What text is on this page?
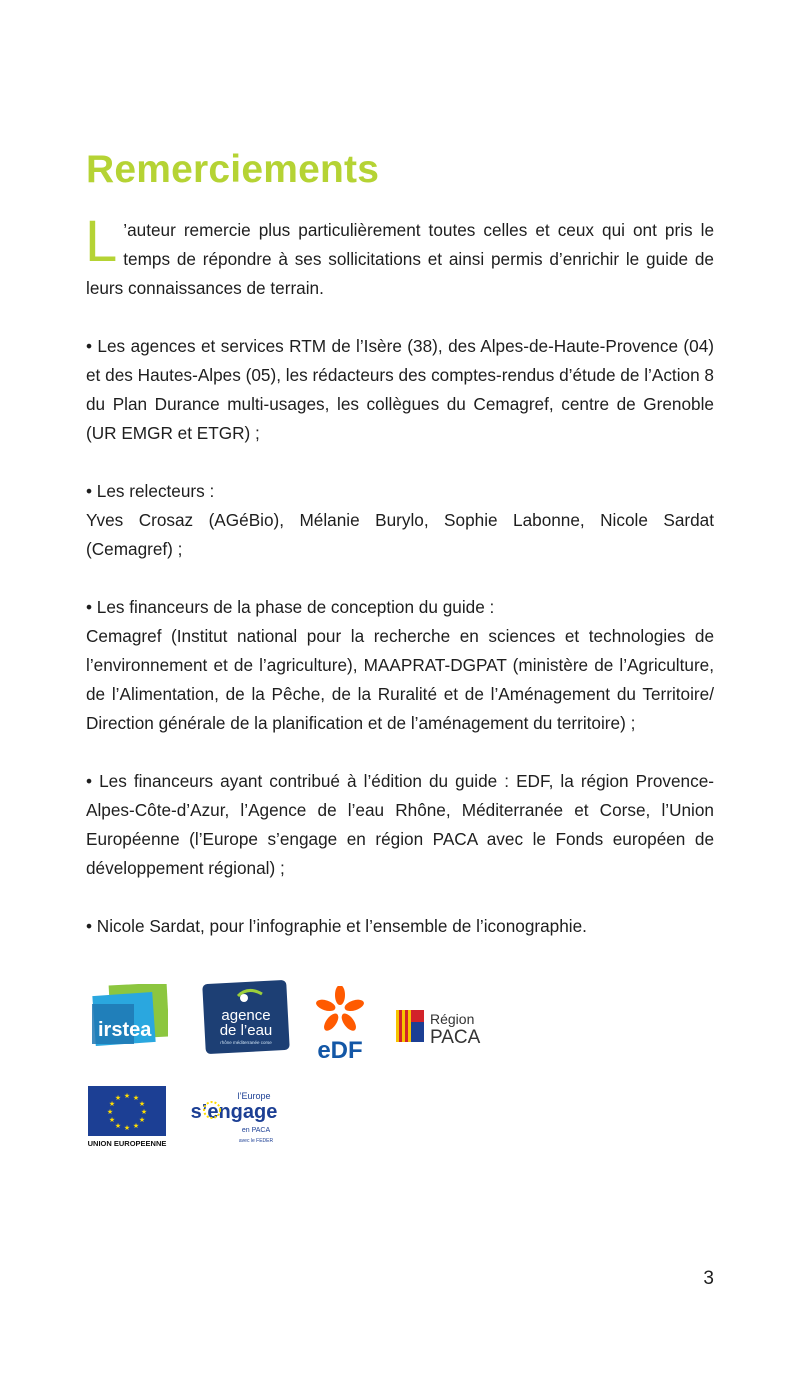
Remerciements

L ’auteur remercie plus particulièrement toutes celles et ceux qui ont pris le temps de répondre à ses sollicitations et ainsi permis d’enrichir le guide de leurs connaissances de terrain.

• Les agences et services RTM de l’Isère (38), des Alpes-de-Haute-Provence (04) et des Hautes-Alpes (05), les rédacteurs des comptes-rendus d’étude de l’Action 8 du Plan Durance multi-usages, les collègues du Cemagref, centre de Grenoble (UR EMGR et ETGR) ;

• Les relecteurs :
Yves Crosaz (AGéBio), Mélanie Burylo, Sophie Labonne, Nicole Sardat (Cemagref) ;

• Les financeurs de la phase de conception du guide :
Cemagref (Institut national pour la recherche en sciences et technologies de l’environnement et de l’agriculture), MAAPRAT-DGPAT (ministère de l’Agriculture, de l’Alimentation, de la Pêche, de la Ruralité et de l’Aménagement du Territoire/ Direction générale de la planification et de l’aménagement du territoire) ;

• Les financeurs ayant contribué à l’édition du guide : EDF, la région Provence-Alpes-Côte-d’Azur, l’Agence de l’eau Rhône, Méditerranée et Corse, l’Union Européenne (l’Europe s’engage en région PACA avec le Fonds européen de développement régional) ;

• Nicole Sardat, pour l’infographie et l’ensemble de l’iconographie.

irstea
agence
de l’eau
rhône méditerranée corse eDF
Région
PACA
★ ★
★
★
★
★
★
★
★
★
★
★
UNION EUROPEENNE
l’Europe
s’engage
en PACA
avec le FEDER
3
